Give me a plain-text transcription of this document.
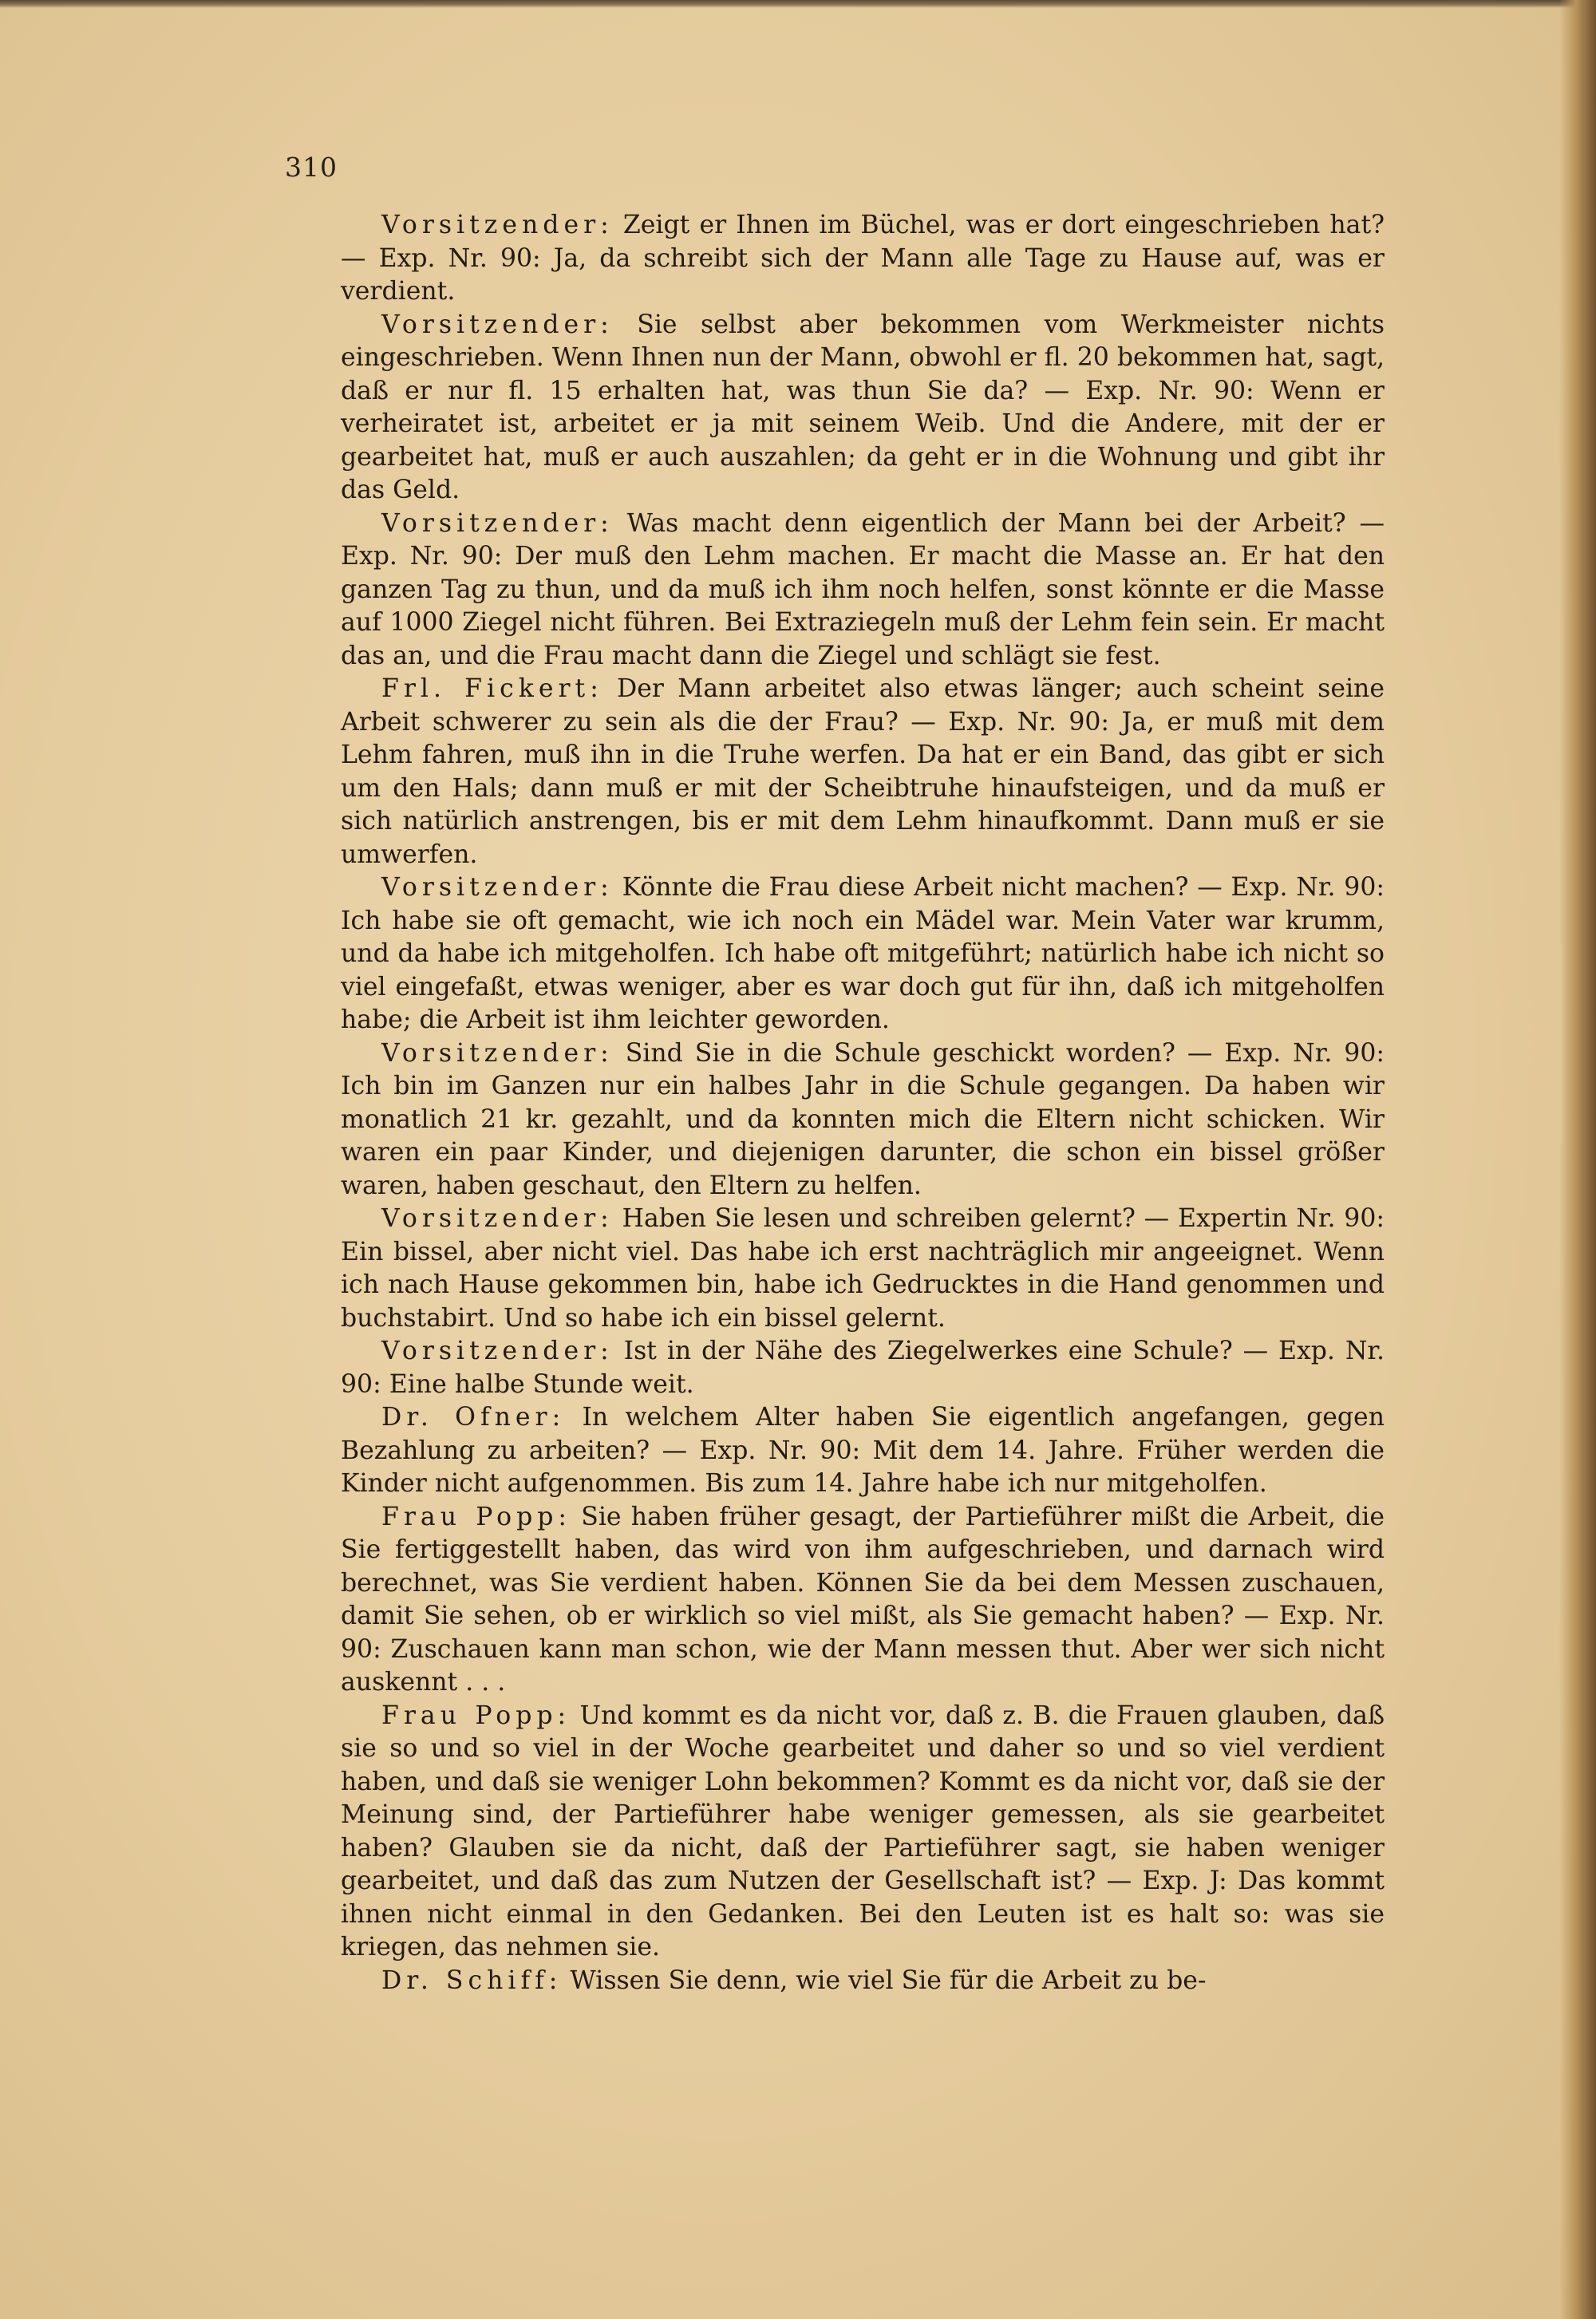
310

Vorsitzender: Zeigt er Ihnen im Büchel, was er dort eingeschrieben hat? — Exp. Nr. 90: Ja, da schreibt sich der Mann alle Tage zu Hause auf, was er verdient.

Vorsitzender: Sie selbst aber bekommen vom Werkmeister nichts eingeschrieben. Wenn Ihnen nun der Mann, obwohl er fl. 20 bekommen hat, sagt, daß er nur fl. 15 erhalten hat, was thun Sie da? — Exp. Nr. 90: Wenn er verheiratet ist, arbeitet er ja mit seinem Weib. Und die Andere, mit der er gearbeitet hat, muß er auch auszahlen; da geht er in die Wohnung und gibt ihr das Geld.

Vorsitzender: Was macht denn eigentlich der Mann bei der Arbeit? — Exp. Nr. 90: Der muß den Lehm machen. Er macht die Masse an. Er hat den ganzen Tag zu thun, und da muß ich ihm noch helfen, sonst könnte er die Masse auf 1000 Ziegel nicht führen. Bei Extraziegeln muß der Lehm fein sein. Er macht das an, und die Frau macht dann die Ziegel und schlägt sie fest.

Frl. Fickert: Der Mann arbeitet also etwas länger; auch scheint seine Arbeit schwerer zu sein als die der Frau? — Exp. Nr. 90: Ja, er muß mit dem Lehm fahren, muß ihn in die Truhe werfen. Da hat er ein Band, das gibt er sich um den Hals; dann muß er mit der Scheibtruhe hinaufsteigen, und da muß er sich natürlich anstrengen, bis er mit dem Lehm hinaufkommt. Dann muß er sie umwerfen.

Vorsitzender: Könnte die Frau diese Arbeit nicht machen? — Exp. Nr. 90: Ich habe sie oft gemacht, wie ich noch ein Mädel war. Mein Vater war krumm, und da habe ich mitgeholfen. Ich habe oft mitgeführt; natürlich habe ich nicht so viel eingefaßt, etwas weniger, aber es war doch gut für ihn, daß ich mitgeholfen habe; die Arbeit ist ihm leichter geworden.

Vorsitzender: Sind Sie in die Schule geschickt worden? — Exp. Nr. 90: Ich bin im Ganzen nur ein halbes Jahr in die Schule gegangen. Da haben wir monatlich 21 kr. gezahlt, und da konnten mich die Eltern nicht schicken. Wir waren ein paar Kinder, und diejenigen darunter, die schon ein bissel größer waren, haben geschaut, den Eltern zu helfen.

Vorsitzender: Haben Sie lesen und schreiben gelernt? — Expertin Nr. 90: Ein bissel, aber nicht viel. Das habe ich erst nachträglich mir angeeignet. Wenn ich nach Hause gekommen bin, habe ich Gedrucktes in die Hand genommen und buchstabirt. Und so habe ich ein bissel gelernt.

Vorsitzender: Ist in der Nähe des Ziegelwerkes eine Schule? — Exp. Nr. 90: Eine halbe Stunde weit.

Dr. Ofner: In welchem Alter haben Sie eigentlich angefangen, gegen Bezahlung zu arbeiten? — Exp. Nr. 90: Mit dem 14. Jahre. Früher werden die Kinder nicht aufgenommen. Bis zum 14. Jahre habe ich nur mitgeholfen.

Frau Popp: Sie haben früher gesagt, der Partieführer mißt die Arbeit, die Sie fertiggestellt haben, das wird von ihm aufgeschrieben, und darnach wird berechnet, was Sie verdient haben. Können Sie da bei dem Messen zuschauen, damit Sie sehen, ob er wirklich so viel mißt, als Sie gemacht haben? — Exp. Nr. 90: Zuschauen kann man schon, wie der Mann messen thut. Aber wer sich nicht auskennt . . .

Frau Popp: Und kommt es da nicht vor, daß z. B. die Frauen glauben, daß sie so und so viel in der Woche gearbeitet und daher so und so viel verdient haben, und daß sie weniger Lohn bekommen? Kommt es da nicht vor, daß sie der Meinung sind, der Partieführer habe weniger gemessen, als sie gearbeitet haben? Glauben sie da nicht, daß der Partieführer sagt, sie haben weniger gearbeitet, und daß das zum Nutzen der Gesellschaft ist? — Exp. J: Das kommt ihnen nicht einmal in den Gedanken. Bei den Leuten ist es halt so: was sie kriegen, das nehmen sie.

Dr. Schiff: Wissen Sie denn, wie viel Sie für die Arbeit zu be-
